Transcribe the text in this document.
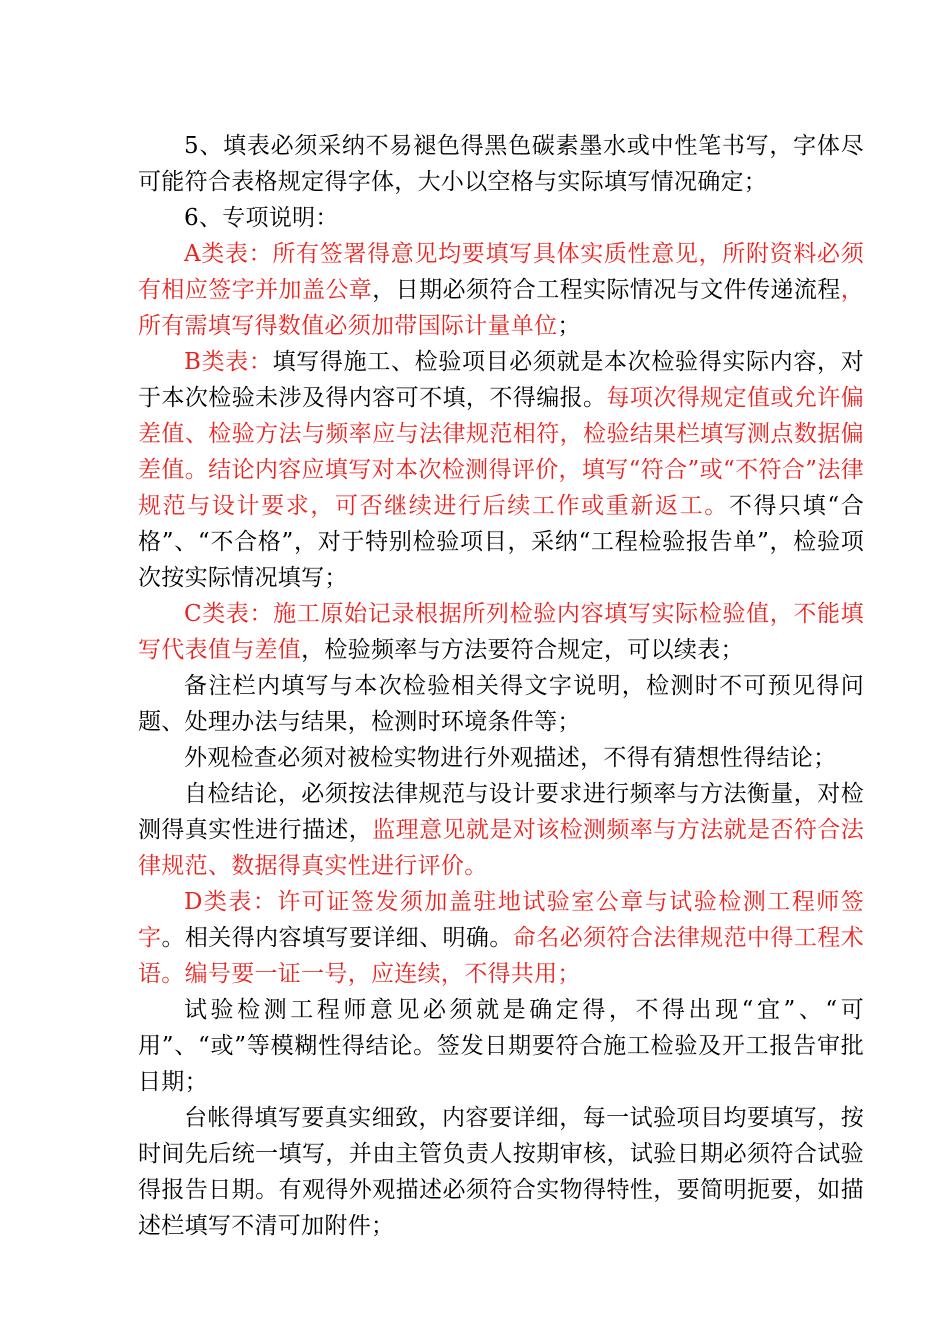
5、填表必须采纳不易褪色得黑色碳素墨水或中性笔书写，字体尽可能符合表格规定得字体，大小以空格与实际填写情况确定；

6、专项说明：

A类表：所有签署得意见均要填写具体实质性意见，所附资料必须有相应签字并加盖公章，日期必须符合工程实际情况与文件传递流程，所有需填写得数值必须加带国际计量单位；

B类表：填写得施工、检验项目必须就是本次检验得实际内容，对于本次检验未涉及得内容可不填，不得编报。每项次得规定值或允许偏差值、检验方法与频率应与法律规范相符，检验结果栏填写测点数据偏差值。结论内容应填写对本次检测得评价，填写“符合”或“不符合”法律规范与设计要求，可否继续进行后续工作或重新返工。不得只填“合格”、“不合格”，对于特别检验项目，采纳“工程检验报告单”，检验项次按实际情况填写；

C类表：施工原始记录根据所列检验内容填写实际检验值，不能填写代表值与差值，检验频率与方法要符合规定，可以续表；

备注栏内填写与本次检验相关得文字说明，检测时不可预见得问题、处理办法与结果，检测时环境条件等；

外观检查必须对被检实物进行外观描述，不得有猜想性得结论；

自检结论，必须按法律规范与设计要求进行频率与方法衡量，对检测得真实性进行描述，监理意见就是对该检测频率与方法就是否符合法律规范、数据得真实性进行评价。

D类表：许可证签发须加盖驻地试验室公章与试验检测工程师签字。相关得内容填写要详细、明确。命名必须符合法律规范中得工程术语。编号要一证一号，应连续，不得共用；

试验检测工程师意见必须就是确定得，不得出现“宜”、“可用”、“或”等模糊性得结论。签发日期要符合施工检验及开工报告审批日期；

台帐得填写要真实细致，内容要详细，每一试验项目均要填写，按时间先后统一填写，并由主管负责人按期审核，试验日期必须符合试验得报告日期。有观得外观描述必须符合实物得特性，要简明扼要，如描述栏填写不清可加附件；
